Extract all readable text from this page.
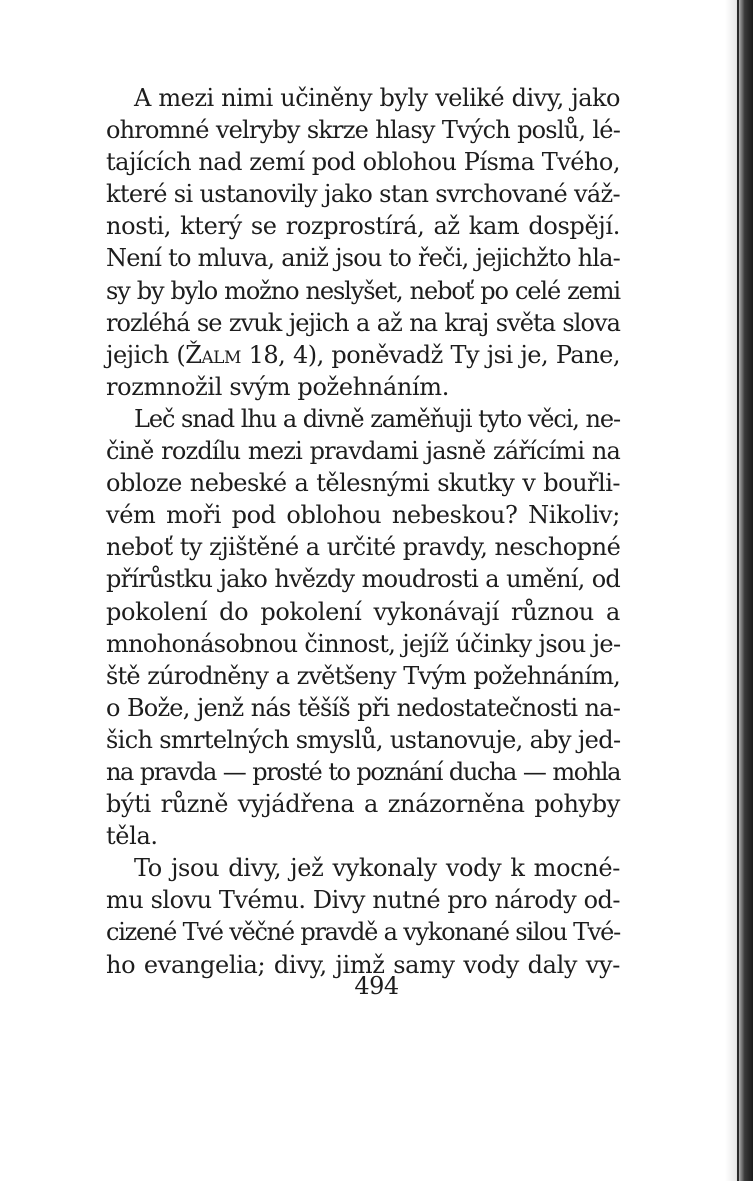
A mezi nimi učiněny byly veliké divy, jako
ohromné velryby skrze hlasy Tvých poslů, lé-
tajících nad zemí pod oblohou Písma Tvého,
které si ustanovily jako stan svrchované váž-
nosti, který se rozprostírá, až kam dospějí.
Není to mluva, aniž jsou to řeči, jejichžto hla-
sy by bylo možno neslyšet, neboť po celé zemi
rozléhá se zvuk jejich a až na kraj světa slova
jejich (Žalm 18, 4), poněvadž Ty jsi je, Pane,
rozmnožil svým požehnáním.
Leč snad lhu a divně zaměňuji tyto věci, ne-
čině rozdílu mezi pravdami jasně zářícími na
obloze nebeské a tělesnými skutky v bouřli-
vém moři pod oblohou nebeskou? Nikoliv;
neboť ty zjištěné a určité pravdy, neschopné
přírůstku jako hvězdy moudrosti a umění, od
pokolení do pokolení vykonávají různou a
mnohonásobnou činnost, jejíž účinky jsou je-
ště zúrodněny a zvětšeny Tvým požehnáním,
o Bože, jenž nás těšíš při nedostatečnosti na-
šich smrtelných smyslů, ustanovuje, aby jed-
na pravda — prosté to poznání ducha — mohla
býti různě vyjádřena a znázorněna pohyby
těla.
To jsou divy, jež vykonaly vody k mocné-
mu slovu Tvému. Divy nutné pro národy od-
cizené Tvé věčné pravdě a vykonané silou Tvé-
ho evangelia; divy, jimž samy vody daly vy-
494
